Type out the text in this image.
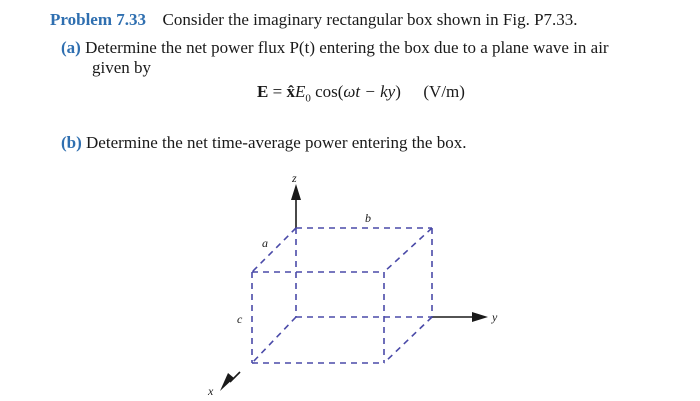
Problem 7.33 Consider the imaginary rectangular box shown in Fig. P7.33.
(a) Determine the net power flux P(t) entering the box due to a plane wave in air
given by
$E = x̂E_0$ cos(ωt − ky) (V/m)
(b) Determine the net time-average power entering the box.
z
y
x
a
b
c
